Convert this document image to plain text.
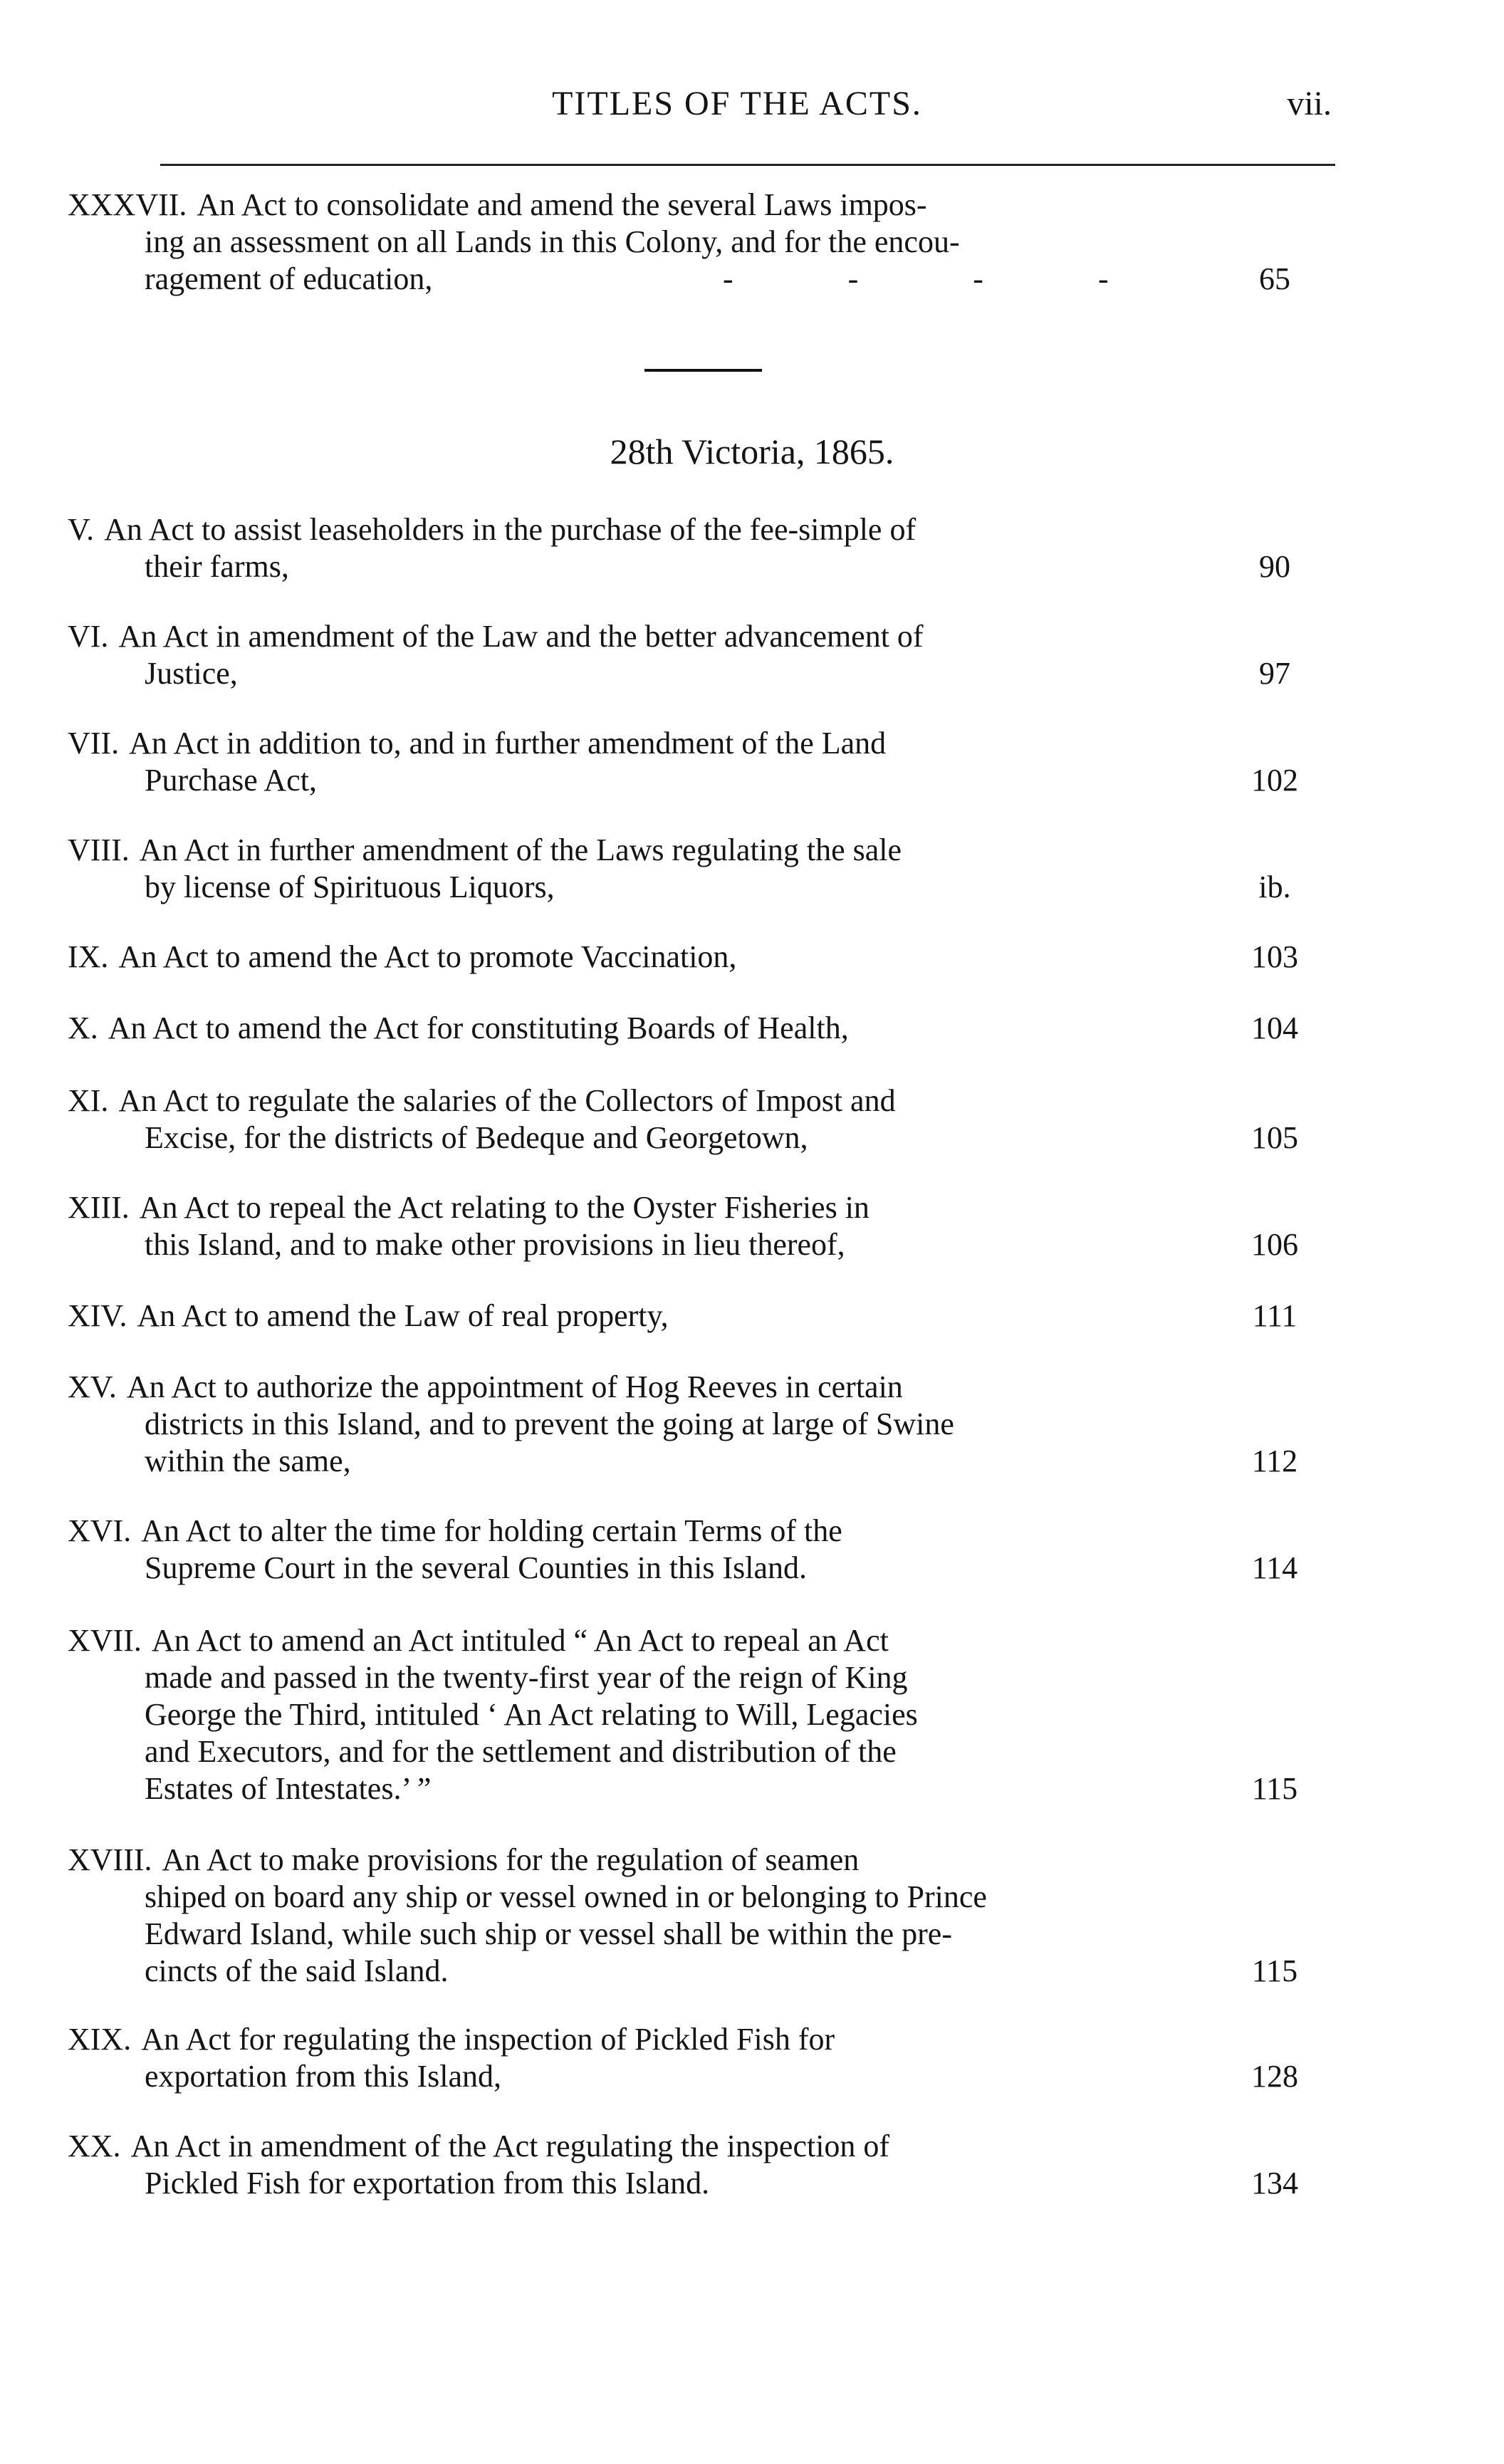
TITLES OF THE ACTS.	vii.
XXXVII. An Act to consolidate and amend the several Laws impos-
ing an assessment on all Lands in this Colony, and for the encou-
ragement of education,	- - - -	65
28th Victoria, 1865.
V. An Act to assist leaseholders in the purchase of the fee-simple of
their farms,	90
VI. An Act in amendment of the Law and the better advancement of
Justice,	97
VII. An Act in addition to, and in further amendment of the Land
Purchase Act,	102
VIII. An Act in further amendment of the Laws regulating the sale
by license of Spirituous Liquors,	ib.
IX. An Act to amend the Act to promote Vaccination,	103
X. An Act to amend the Act for constituting Boards of Health,	104
XI. An Act to regulate the salaries of the Collectors of Impost and
Excise, for the districts of Bedeque and Georgetown,	105
XIII. An Act to repeal the Act relating to the Oyster Fisheries in
this Island, and to make other provisions in lieu thereof,	106
XIV. An Act to amend the Law of real property,	111
XV. An Act to authorize the appointment of Hog Reeves in certain
districts in this Island, and to prevent the going at large of Swine
within the same,	112
XVI. An Act to alter the time for holding certain Terms of the
Supreme Court in the several Counties in this Island.	114
XVII. An Act to amend an Act intituled “ An Act to repeal an Act
made and passed in the twenty-first year of the reign of King
George the Third, intituled ‘ An Act relating to Will, Legacies
and Executors, and for the settlement and distribution of the
Estates of Intestates.’ ”	115
XVIII. An Act to make provisions for the regulation of seamen
shiped on board any ship or vessel owned in or belonging to Prince
Edward Island, while such ship or vessel shall be within the pre-
cincts of the said Island.	115
XIX. An Act for regulating the inspection of Pickled Fish for
exportation from this Island,	128
XX. An Act in amendment of the Act regulating the inspection of
Pickled Fish for exportation from this Island.	134
